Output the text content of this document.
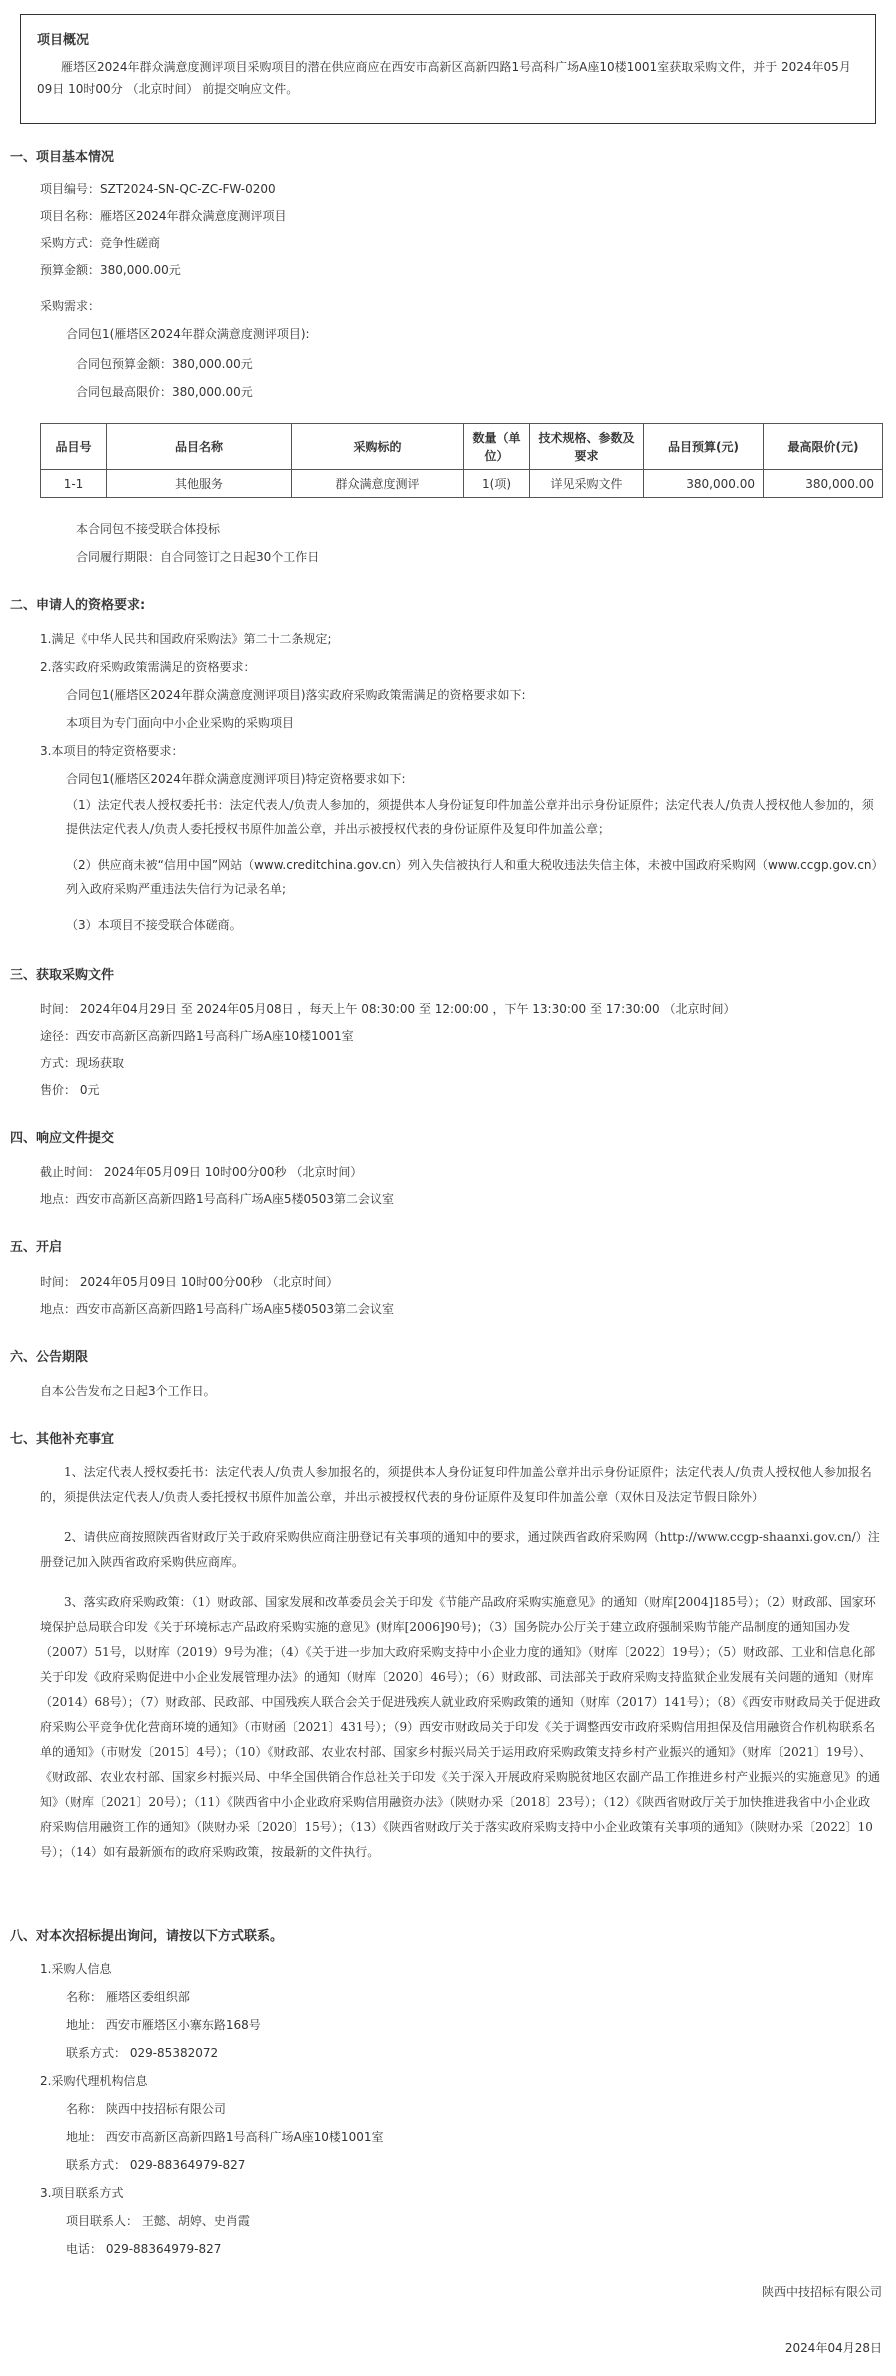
项目概况
雁塔区2024年群众满意度测评项目采购项目的潜在供应商应在西安市高新区高新四路1号高科广场A座10楼1001室获取采购文件，并于 2024年05月09日 10时00分 （北京时间） 前提交响应文件。
一、项目基本情况
项目编号：SZT2024-SN-QC-ZC-FW-0200
项目名称：雁塔区2024年群众满意度测评项目
采购方式：竞争性磋商
预算金额：380,000.00元
采购需求：
合同包1(雁塔区2024年群众满意度测评项目):
合同包预算金额：380,000.00元
合同包最高限价：380,000.00元
品目号	品目名称	采购标的	数量（单位）	技术规格、参数及要求	品目预算(元)	最高限价(元)
1-1	其他服务	群众满意度测评	1(项)	详见采购文件	380,000.00	380,000.00
本合同包不接受联合体投标
合同履行期限：自合同签订之日起30个工作日
二、申请人的资格要求:
1.满足《中华人民共和国政府采购法》第二十二条规定;
2.落实政府采购政策需满足的资格要求：
合同包1(雁塔区2024年群众满意度测评项目)落实政府采购政策需满足的资格要求如下:
本项目为专门面向中小企业采购的采购项目
3.本项目的特定资格要求：
合同包1(雁塔区2024年群众满意度测评项目)特定资格要求如下:
（1）法定代表人授权委托书：法定代表人/负责人参加的，须提供本人身份证复印件加盖公章并出示身份证原件；法定代表人/负责人授权他人参加的，须提供法定代表人/负责人委托授权书原件加盖公章，并出示被授权代表的身份证原件及复印件加盖公章；
（2）供应商未被“信用中国”网站（www.creditchina.gov.cn）列入失信被执行人和重大税收违法失信主体，未被中国政府采购网（www.ccgp.gov.cn）列入政府采购严重违法失信行为记录名单;
（3）本项目不接受联合体磋商。
三、获取采购文件
时间： 2024年04月29日 至 2024年05月08日 ，每天上午 08:30:00 至 12:00:00 ，下午 13:30:00 至 17:30:00 （北京时间）
途径：西安市高新区高新四路1号高科广场A座10楼1001室
方式：现场获取
售价： 0元
四、响应文件提交
截止时间： 2024年05月09日 10时00分00秒 （北京时间）
地点：西安市高新区高新四路1号高科广场A座5楼0503第二会议室
五、开启
时间： 2024年05月09日 10时00分00秒 （北京时间）
地点：西安市高新区高新四路1号高科广场A座5楼0503第二会议室
六、公告期限
自本公告发布之日起3个工作日。
七、其他补充事宜
1、法定代表人授权委托书：法定代表人/负责人参加报名的，须提供本人身份证复印件加盖公章并出示身份证原件；法定代表人/负责人授权他人参加报名的，须提供法定代表人/负责人委托授权书原件加盖公章，并出示被授权代表的身份证原件及复印件加盖公章（双休日及法定节假日除外）
2、请供应商按照陕西省财政厅关于政府采购供应商注册登记有关事项的通知中的要求，通过陕西省政府采购网（http://www.ccgp-shaanxi.gov.cn/）注册登记加入陕西省政府采购供应商库。
3、落实政府采购政策：（1）财政部、国家发展和改革委员会关于印发《节能产品政府采购实施意见》的通知（财库[2004]185号）；（2）财政部、国家环境保护总局联合印发《关于环境标志产品政府采购实施的意见》(财库[2006]90号)；（3）国务院办公厅关于建立政府强制采购节能产品制度的通知国办发（2007）51号，以财库（2019）9号为准；（4）《关于进一步加大政府采购支持中小企业力度的通知》（财库〔2022〕19号）；（5）财政部、工业和信息化部关于印发《政府采购促进中小企业发展管理办法》的通知（财库〔2020〕46号）；（6）财政部、司法部关于政府采购支持监狱企业发展有关问题的通知（财库（2014）68号）；（7）财政部、民政部、中国残疾人联合会关于促进残疾人就业政府采购政策的通知（财库（2017）141号）；（8）《西安市财政局关于促进政府采购公平竞争优化营商环境的通知》（市财函〔2021〕431号）；（9）西安市财政局关于印发《关于调整西安市政府采购信用担保及信用融资合作机构联系名单的通知》（市财发〔2015〕4号）；（10）《财政部、农业农村部、国家乡村振兴局关于运用政府采购政策支持乡村产业振兴的通知》（财库〔2021〕19号）、《财政部、农业农村部、国家乡村振兴局、中华全国供销合作总社关于印发《关于深入开展政府采购脱贫地区农副产品工作推进乡村产业振兴的实施意见》的通知》（财库〔2021〕20号）；（11）《陕西省中小企业政府采购信用融资办法》（陕财办采〔2018〕23号）；（12）《陕西省财政厅关于加快推进我省中小企业政府采购信用融资工作的通知》（陕财办采〔2020〕15号）；（13）《陕西省财政厅关于落实政府采购支持中小企业政策有关事项的通知》（陕财办采〔2022〕10号）；（14）如有最新颁布的政府采购政策，按最新的文件执行。
八、对本次招标提出询问，请按以下方式联系。
1.采购人信息
名称： 雁塔区委组织部
地址： 西安市雁塔区小寨东路168号
联系方式： 029-85382072
2.采购代理机构信息
名称： 陕西中技招标有限公司
地址： 西安市高新区高新四路1号高科广场A座10楼1001室
联系方式： 029-88364979-827
3.项目联系方式
项目联系人： 王懿、胡婷、史肖霞
电话： 029-88364979-827
陕西中技招标有限公司
2024年04月28日
